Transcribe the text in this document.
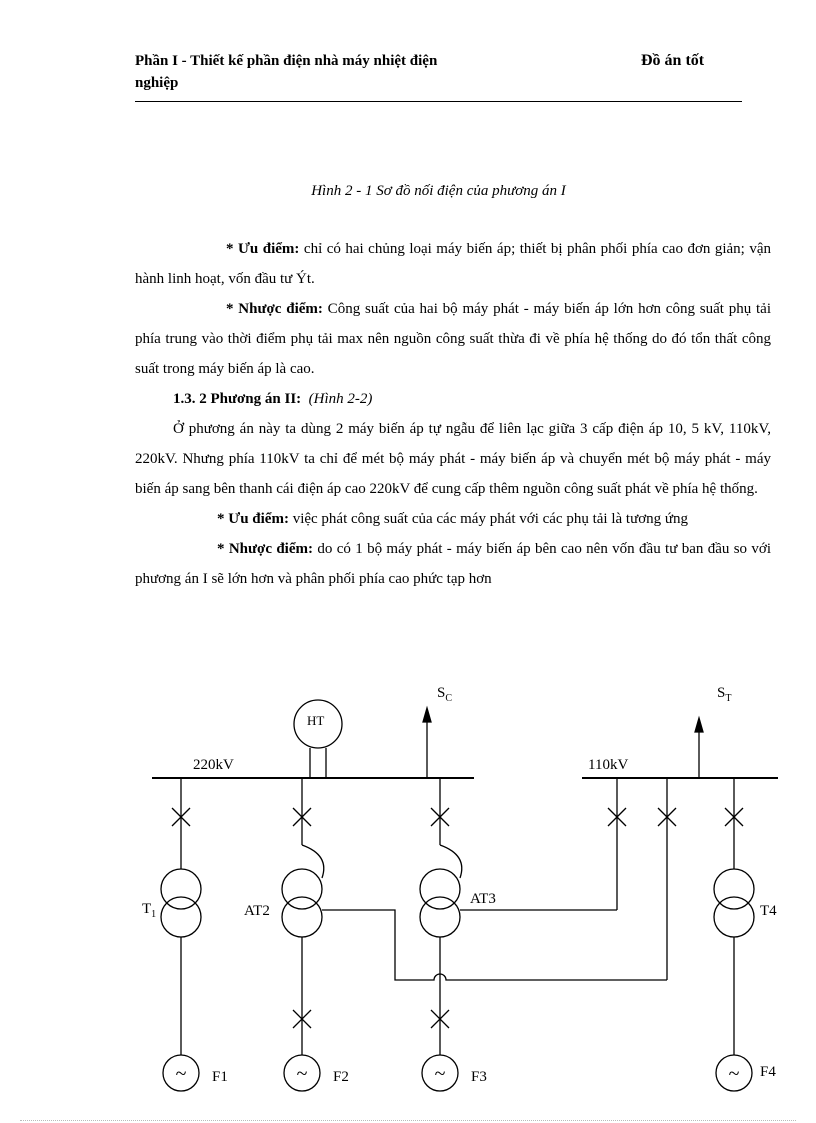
Phần I - Thiết kế phần điện nhà máy nhiệt điện
nghiệp
Đồ án tốt
Hình 2 - 1 Sơ đồ nối điện của phương án I

* Ưu điểm: chỉ có hai chủng loại máy biến áp; thiết bị phân phối phía cao đơn giản; vận hành linh hoạt, vốn đầu tư Ýt.

* Nhược điểm: Công suất của hai bộ máy phát - máy biến áp lớn hơn công suất phụ tải phía trung vào thời điểm phụ tải max nên nguồn công suất thừa đi về phía hệ thống do đó tổn thất công suất trong máy biến áp là cao.

1.3. 2 Phương án II: (Hình 2-2)

Ở phương án này ta dùng 2 máy biến áp tự ngẫu để liên lạc giữa 3 cấp điện áp 10, 5 kV, 110kV, 220kV. Nhưng phía 110kV ta chỉ để mét bộ máy phát - máy biến áp và chuyển mét bộ máy phát - máy biến áp sang bên thanh cái điện áp cao 220kV để cung cấp thêm nguồn công suất phát về phía hệ thống.

* Ưu điểm: việc phát công suất của các máy phát với các phụ tải là tương ứng

* Nhược điểm: do có 1 bộ máy phát - máy biến áp bên cao nên vốn đầu tư ban đầu so với phương án I sẽ lớn hơn và phân phối phía cao phức tạp hơn

220kV	110kV
HT
$S_C$	$S_T$
$T_1$	AT2
AT3
T4
F1	F2	F3	F4
~	~	~	~
